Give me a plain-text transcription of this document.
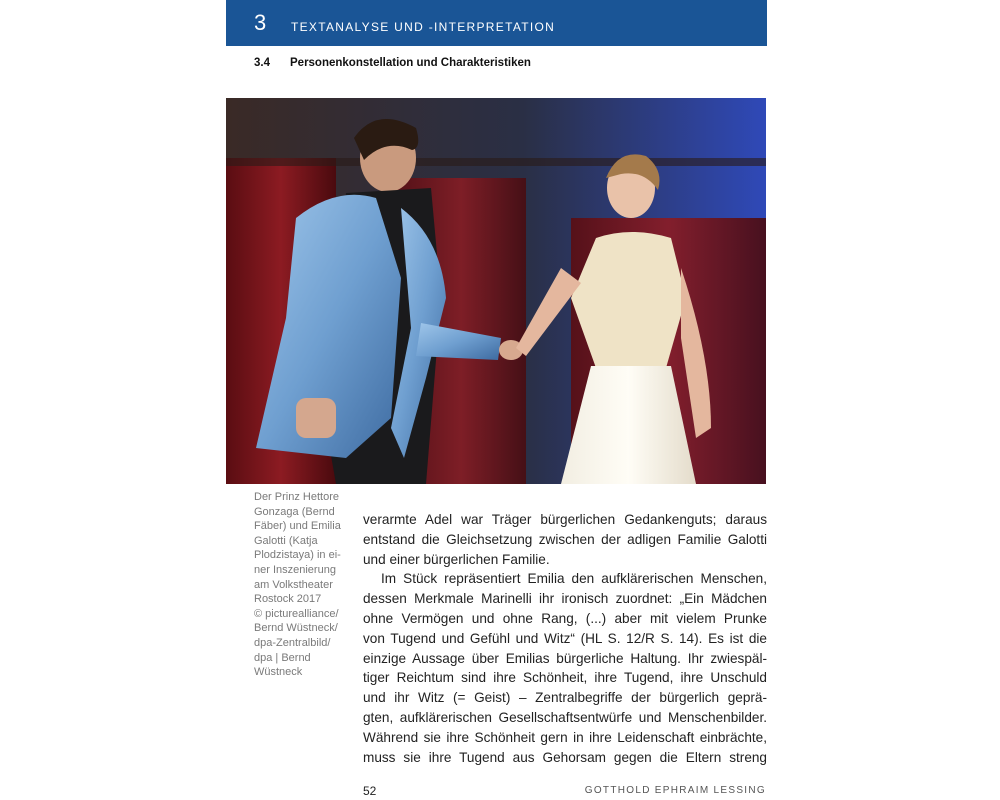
3 TEXTANALYSE UND -INTERPRETATION
3.4 Personenkonstellation und Charakteristiken
Der Prinz Hettore
Gonzaga (Bernd
Fäber) und Emilia
Galotti (Katja
Plodzistaya) in ei-
ner Inszenierung
am Volkstheater
Rostock 2017
© picturealliance/
Bernd Wüstneck/
dpa-Zentralbild/
dpa | Bernd
Wüstneck
verarmte Adel war Träger bürgerlichen Gedankenguts; daraus
entstand die Gleichsetzung zwischen der adligen Familie Galotti
und einer bürgerlichen Familie.
Im Stück repräsentiert Emilia den aufklärerischen Menschen,
dessen Merkmale Marinelli ihr ironisch zuordnet: „Ein Mädchen
ohne Vermögen und ohne Rang, (...) aber mit vielem Prunke
von Tugend und Gefühl und Witz“ (HL S. 12/R S. 14). Es ist die
einzige Aussage über Emilias bürgerliche Haltung. Ihr zwiespäl-
tiger Reichtum sind ihre Schönheit, ihre Tugend, ihre Unschuld
und ihr Witz (= Geist) – Zentralbegriffe der bürgerlich geprä-
gten, aufklärerischen Gesellschaftsentwürfe und Menschenbilder.
Während sie ihre Schönheit gern in ihre Leidenschaft einbrächte,
muss sie ihre Tugend aus Gehorsam gegen die Eltern streng
52	GOTTHOLD EPHRAIM LESSING
